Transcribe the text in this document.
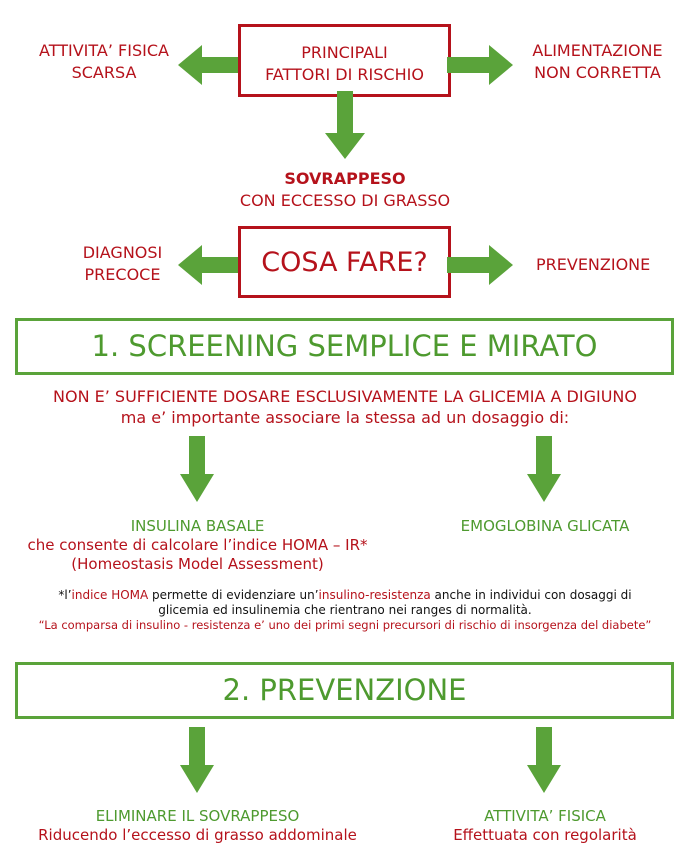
ATTIVITA’ FISICA
SCARSA
PRINCIPALI
FATTORI DI RISCHIO
ALIMENTAZIONE
NON CORRETTA
SOVRAPPESO
CON ECCESSO DI GRASSO
DIAGNOSI
PRECOCE	COSA FARE?	PREVENZIONE
1. SCREENING SEMPLICE E MIRATO
NON E’ SUFFICIENTE DOSARE ESCLUSIVAMENTE LA GLICEMIA A DIGIUNO
ma e’ importante associare la stessa ad un dosaggio di:
INSULINA BASALE
che consente di calcolare l’indice HOMA – IR*
(Homeostasis Model Assessment)
EMOGLOBINA GLICATA
*l’indice HOMA permette di evidenziare un’insulino-resistenza anche in individui con dosaggi di
glicemia ed insulinemia che rientrano nei ranges di normalità.
“La comparsa di insulino - resistenza e’ uno dei primi segni precursori di rischio di insorgenza del diabete”
2. PREVENZIONE
ELIMINARE IL SOVRAPPESO
Riducendo l’eccesso di grasso addominale
ATTIVITA’ FISICA
Effettuata con regolarità
